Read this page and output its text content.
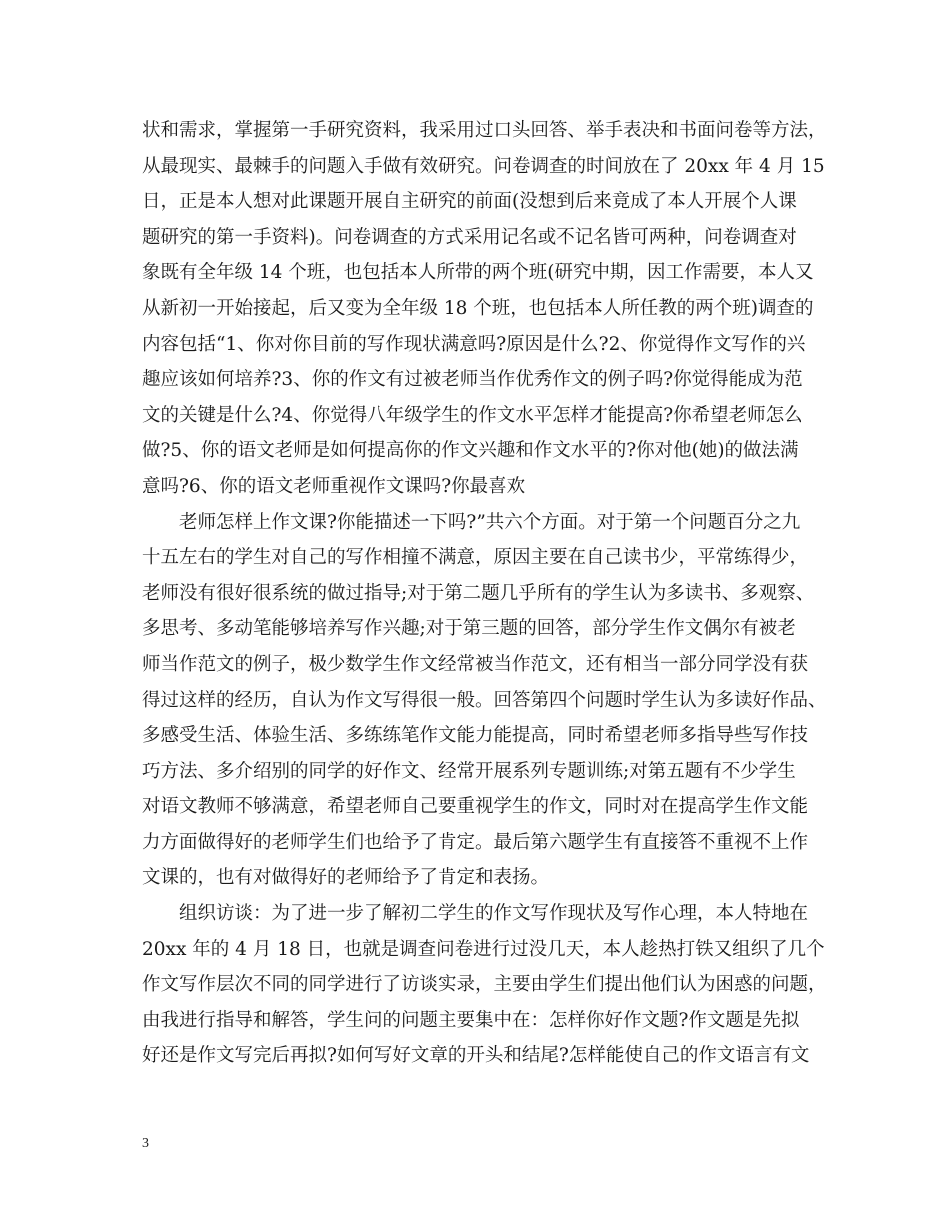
状和需求，掌握第一手研究资料，我采用过口头回答、举手表决和书面问卷等方法，
从最现实、最棘手的问题入手做有效研究。问卷调查的时间放在了 20xx 年 4 月 15
日，正是本人想对此课题开展自主研究的前面(没想到后来竟成了本人开展个人课
题研究的第一手资料)。问卷调查的方式采用记名或不记名皆可两种，问卷调查对
象既有全年级 14 个班，也包括本人所带的两个班(研究中期，因工作需要，本人又
从新初一开始接起，后又变为全年级 18 个班，也包括本人所任教的两个班)调查的
内容包括“1、你对你目前的写作现状满意吗?原因是什么?2、你觉得作文写作的兴
趣应该如何培养?3、你的作文有过被老师当作优秀作文的例子吗?你觉得能成为范
文的关键是什么?4、你觉得八年级学生的作文水平怎样才能提高?你希望老师怎么
做?5、你的语文老师是如何提高你的作文兴趣和作文水平的?你对他(她)的做法满
意吗?6、你的语文老师重视作文课吗?你最喜欢
老师怎样上作文课?你能描述一下吗?”共六个方面。对于第一个问题百分之九
十五左右的学生对自己的写作相撞不满意，原因主要在自己读书少，平常练得少，
老师没有很好很系统的做过指导;对于第二题几乎所有的学生认为多读书、多观察、
多思考、多动笔能够培养写作兴趣;对于第三题的回答，部分学生作文偶尔有被老
师当作范文的例子，极少数学生作文经常被当作范文，还有相当一部分同学没有获
得过这样的经历，自认为作文写得很一般。回答第四个问题时学生认为多读好作品、
多感受生活、体验生活、多练练笔作文能力能提高，同时希望老师多指导些写作技
巧方法、多介绍别的同学的好作文、经常开展系列专题训练;对第五题有不少学生
对语文教师不够满意，希望老师自己要重视学生的作文，同时对在提高学生作文能
力方面做得好的老师学生们也给予了肯定。最后第六题学生有直接答不重视不上作
文课的，也有对做得好的老师给予了肯定和表扬。
组织访谈：为了进一步了解初二学生的作文写作现状及写作心理，本人特地在
20xx 年的 4 月 18 日，也就是调查问卷进行过没几天，本人趁热打铁又组织了几个
作文写作层次不同的同学进行了访谈实录，主要由学生们提出他们认为困惑的问题，
由我进行指导和解答，学生问的问题主要集中在：怎样你好作文题?作文题是先拟
好还是作文写完后再拟?如何写好文章的开头和结尾?怎样能使自己的作文语言有文
3
